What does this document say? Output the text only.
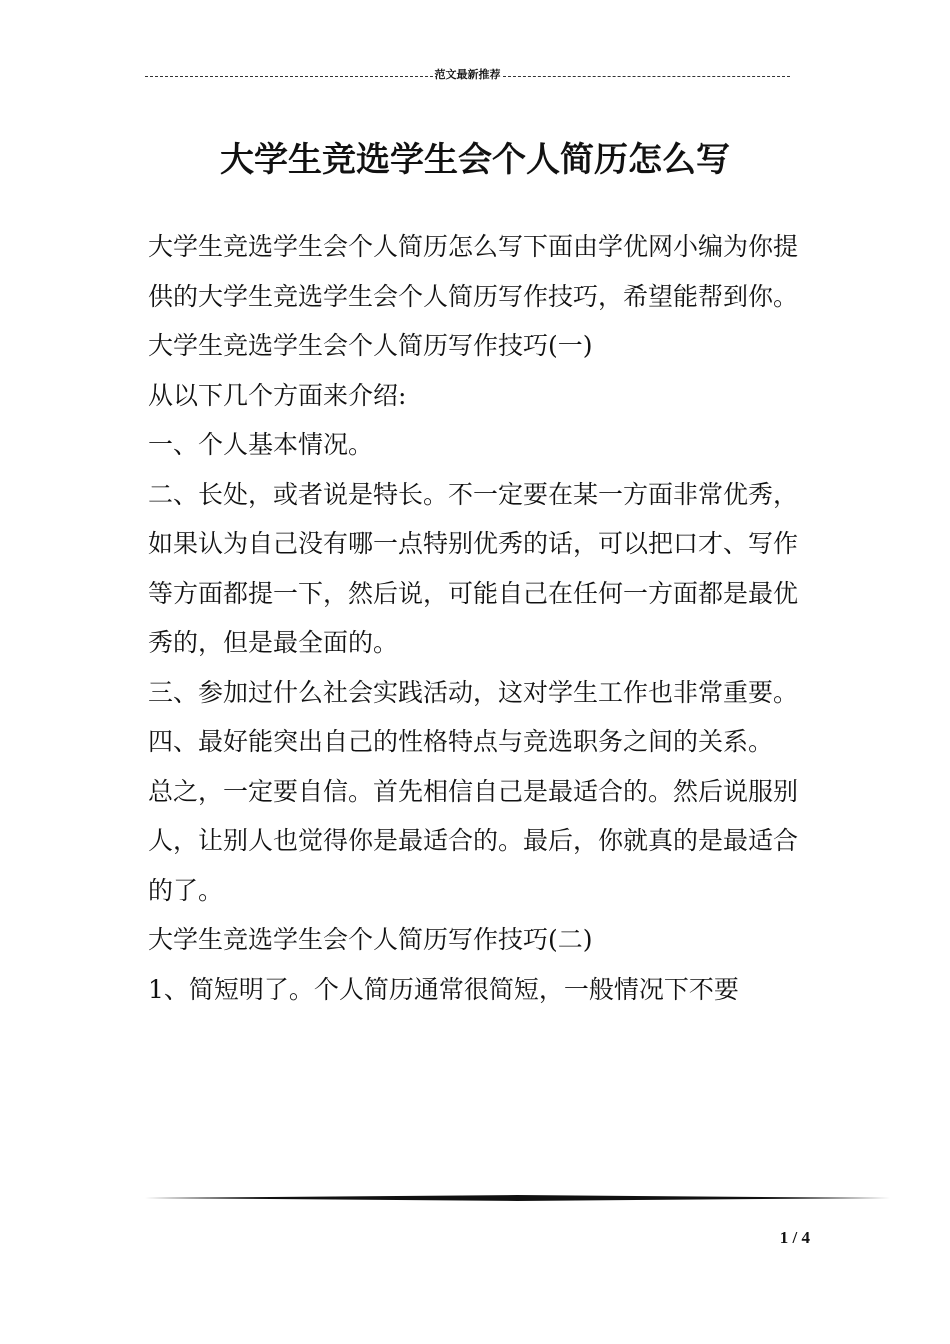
范文最新推荐
大学生竞选学生会个人简历怎么写

大学生竞选学生会个人简历怎么写下面由学优网小编为你提供的大学生竞选学生会个人简历写作技巧，希望能帮到你。

大学生竞选学生会个人简历写作技巧(一)

从以下几个方面来介绍:

一、个人基本情况。

二、长处，或者说是特长。不一定要在某一方面非常优秀，如果认为自己没有哪一点特别优秀的话，可以把口才、写作等方面都提一下，然后说，可能自己在任何一方面都是最优秀的，但是最全面的。

三、参加过什么社会实践活动，这对学生工作也非常重要。

四、最好能突出自己的性格特点与竞选职务之间的关系。

总之，一定要自信。首先相信自己是最适合的。然后说服别人，让别人也觉得你是最适合的。最后，你就真的是最适合的了。

大学生竞选学生会个人简历写作技巧(二)

1、简短明了。个人简历通常很简短，一般情况下不要

1 / 4
